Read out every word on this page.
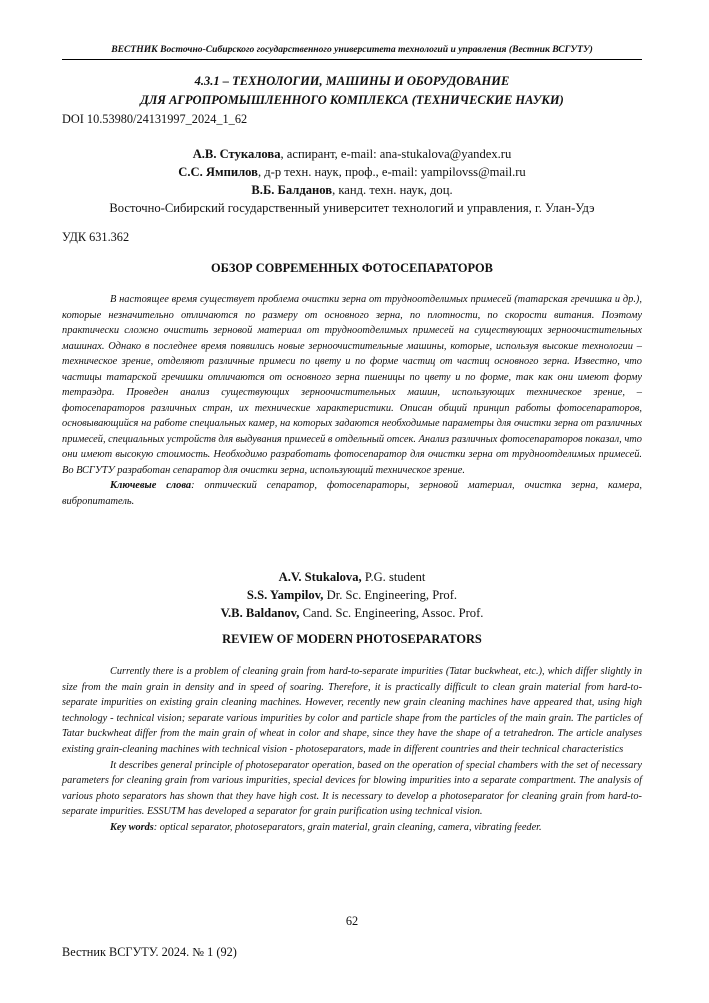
ВЕСТНИК Восточно-Сибирского государственного университета технологий и управления (Вестник ВСГУТУ)
4.3.1 – ТЕХНОЛОГИИ, МАШИНЫ И ОБОРУДОВАНИЕ
ДЛЯ АГРОПРОМЫШЛЕННОГО КОМПЛЕКСА (ТЕХНИЧЕСКИЕ НАУКИ)
DOI 10.53980/24131997_2024_1_62
А.В. Стукалова, аспирант, e-mail: ana-stukalova@yandex.ru
С.С. Ямпилов, д-р техн. наук, проф., e-mail: yampilovss@mail.ru
В.Б. Балданов, канд. техн. наук, доц.
Восточно-Сибирский государственный университет технологий и управления, г. Улан-Удэ
УДК 631.362
ОБЗОР СОВРЕМЕННЫХ ФОТОСЕПАРАТОРОВ

В настоящее время существует проблема очистки зерна от трудноотделимых примесей (татарская гречишка и др.), которые незначительно отличаются по размеру от основного зерна, по плотности, по скорости витания. Поэтому практически сложно очистить зерновой материал от трудноотделимых примесей на существующих зерноочистительных машинах. Однако в последнее время появились новые зерноочистительные машины, которые, используя высокие технологии – техническое зрение, отделяют различные примеси по цвету и по форме частиц от частиц основного зерна. Известно, что частицы татарской гречишки отличаются от основного зерна пшеницы по цвету и по форме, так как они имеют форму тетраэдра. Проведен анализ существующих зерноочистительных машин, использующих техническое зрение, – фотосепараторов различных стран, их технические характеристики. Описан общий принцип работы фотосепараторов, основывающийся на работе специальных камер, на которых задаются необходимые параметры для очистки зерна от различных примесей, специальных устройств для выдувания примесей в отдельный отсек. Анализ различных фотосепараторов показал, что они имеют высокую стоимость. Необходимо разработать фотосепаратор для очистки зерна от трудноотделимых примесей. Во ВСГУТУ разработан сепаратор для очистки зерна, использующий техническое зрение.

Ключевые слова: оптический сепаратор, фотосепараторы, зерновой материал, очистка зерна, камера, вибропитатель.

A.V. Stukalova, P.G. student
S.S. Yampilov, Dr. Sc. Engineering, Prof.
V.B. Baldanov, Cand. Sc. Engineering, Assoc. Prof.
REVIEW OF MODERN PHOTOSEPARATORS

Currently there is a problem of cleaning grain from hard-to-separate impurities (Tatar buckwheat, etc.), which differ slightly in size from the main grain in density and in speed of soaring. Therefore, it is practically difficult to clean grain material from hard-to-separate impurities on existing grain cleaning machines. However, recently new grain cleaning machines have appeared that, using high technology - technical vision; separate various impurities by color and particle shape from the particles of the main grain. The particles of Tatar buckwheat differ from the main grain of wheat in color and shape, since they have the shape of a tetrahedron. The article analyses existing grain-cleaning machines with technical vision - photoseparators, made in different countries and their technical characteristics

It describes general principle of photoseparator operation, based on the operation of special chambers with the set of necessary parameters for cleaning grain from various impurities, special devices for blowing impurities into a separate compartment. The analysis of various photo separators has shown that they have high cost. It is necessary to develop a photoseparator for cleaning grain from hard-to-separate impurities. ESSUTM has developed a separator for grain purification using technical vision.

Key words: optical separator, photoseparators, grain material, grain cleaning, camera, vibrating feeder.

62
Вестник ВСГУТУ. 2024. № 1 (92)
